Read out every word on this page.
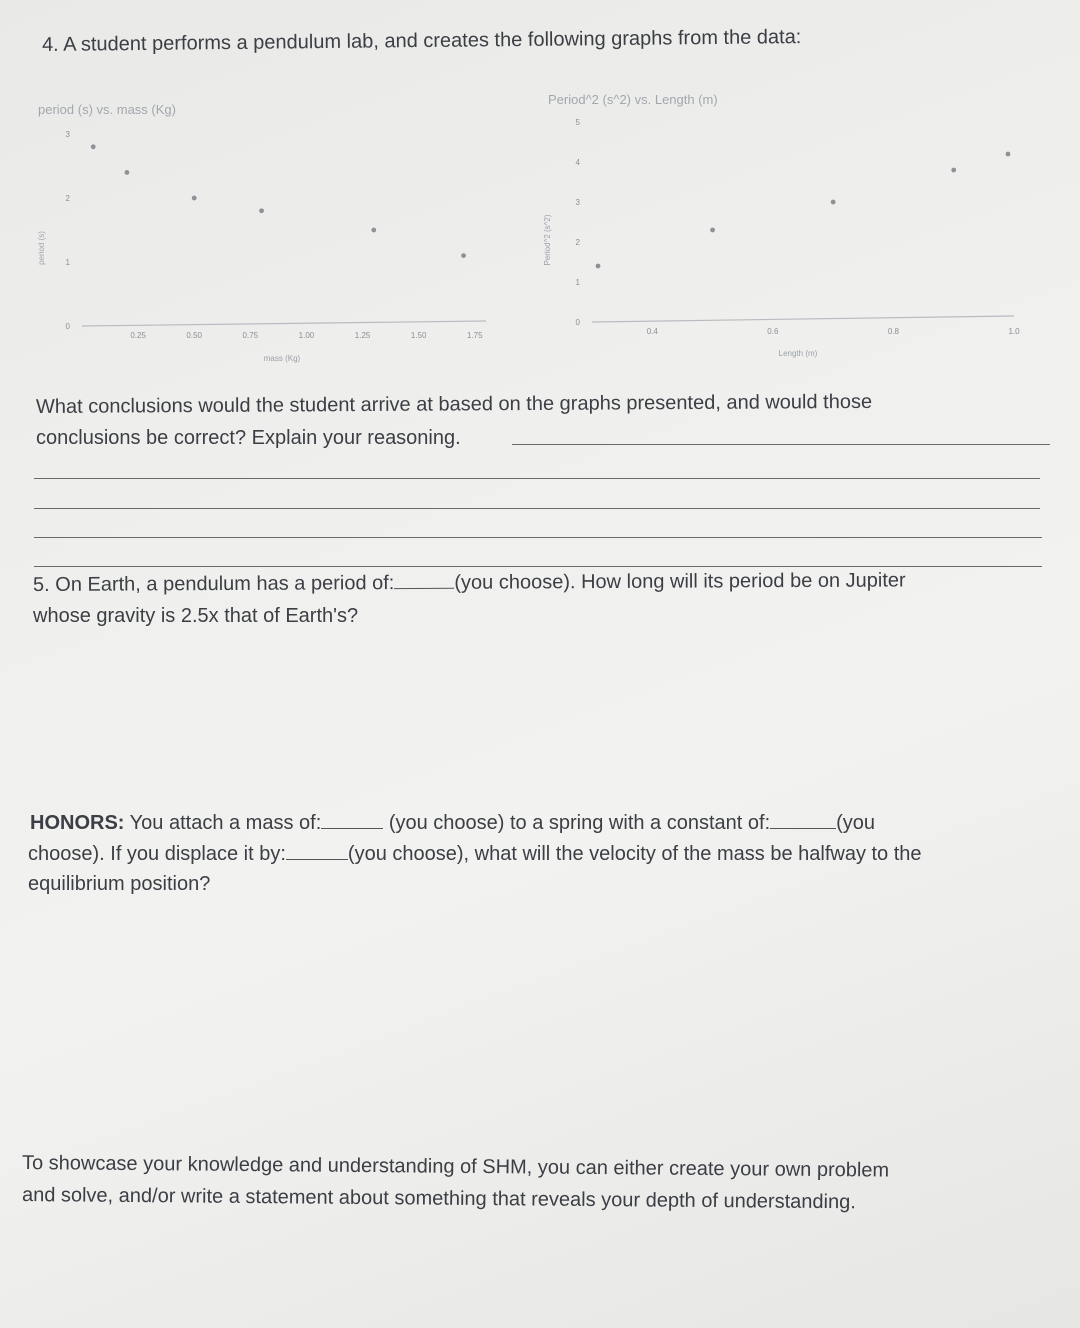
4. A student performs a pendulum lab, and creates the following graphs from the data:
period (s) vs. mass (Kg)
period (s)
mass (Kg)
0
1
2
3
0.25	0.50	0.75	1.00	1.25	1.50	1.75
Period^2 (s^2) vs. Length (m)
Period^2 (s^2)
Length (m)
0
1
2
3
4
5
0.4	0.6	0.8	1.0
What conclusions would the student arrive at based on the graphs presented, and would those
conclusions be correct? Explain your reasoning.
5. On Earth, a pendulum has a period of:	(you choose). How long will its period be on Jupiter
whose gravity is 2.5x that of Earth's?
HONORS: You attach a mass of:	(you choose) to a spring with a constant of:	(you
choose). If you displace it by:	(you choose), what will the velocity of the mass be halfway to the
equilibrium position?
To showcase your knowledge and understanding of SHM, you can either create your own problem
and solve, and/or write a statement about something that reveals your depth of understanding.
